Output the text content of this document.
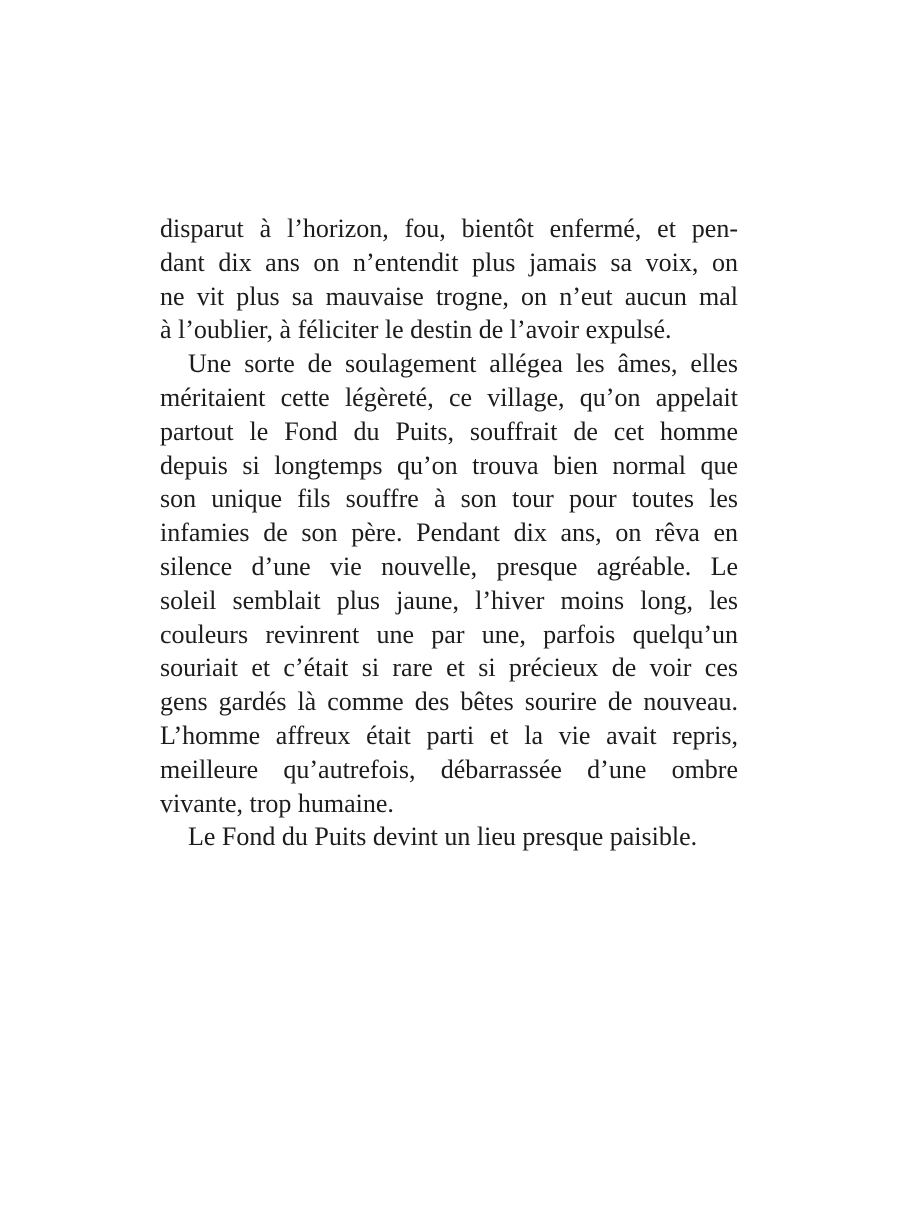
disparut à l’horizon, fou, bientôt enfermé, et pen-
dant dix ans on n’entendit plus jamais sa voix, on
ne vit plus sa mauvaise trogne, on n’eut aucun mal
à l’oublier, à féliciter le destin de l’avoir expulsé.
Une sorte de soulagement allégea les âmes, elles
méritaient cette légèreté, ce village, qu’on appelait
partout le Fond du Puits, souffrait de cet homme
depuis si longtemps qu’on trouva bien normal que
son unique fils souffre à son tour pour toutes les
infamies de son père. Pendant dix ans, on rêva en
silence d’une vie nouvelle, presque agréable. Le
soleil semblait plus jaune, l’hiver moins long, les
couleurs revinrent une par une, parfois quelqu’un
souriait et c’était si rare et si précieux de voir ces
gens gardés là comme des bêtes sourire de nouveau.
L’homme affreux était parti et la vie avait repris,
meilleure qu’autrefois, débarrassée d’une ombre
vivante, trop humaine.
Le Fond du Puits devint un lieu presque paisible.
